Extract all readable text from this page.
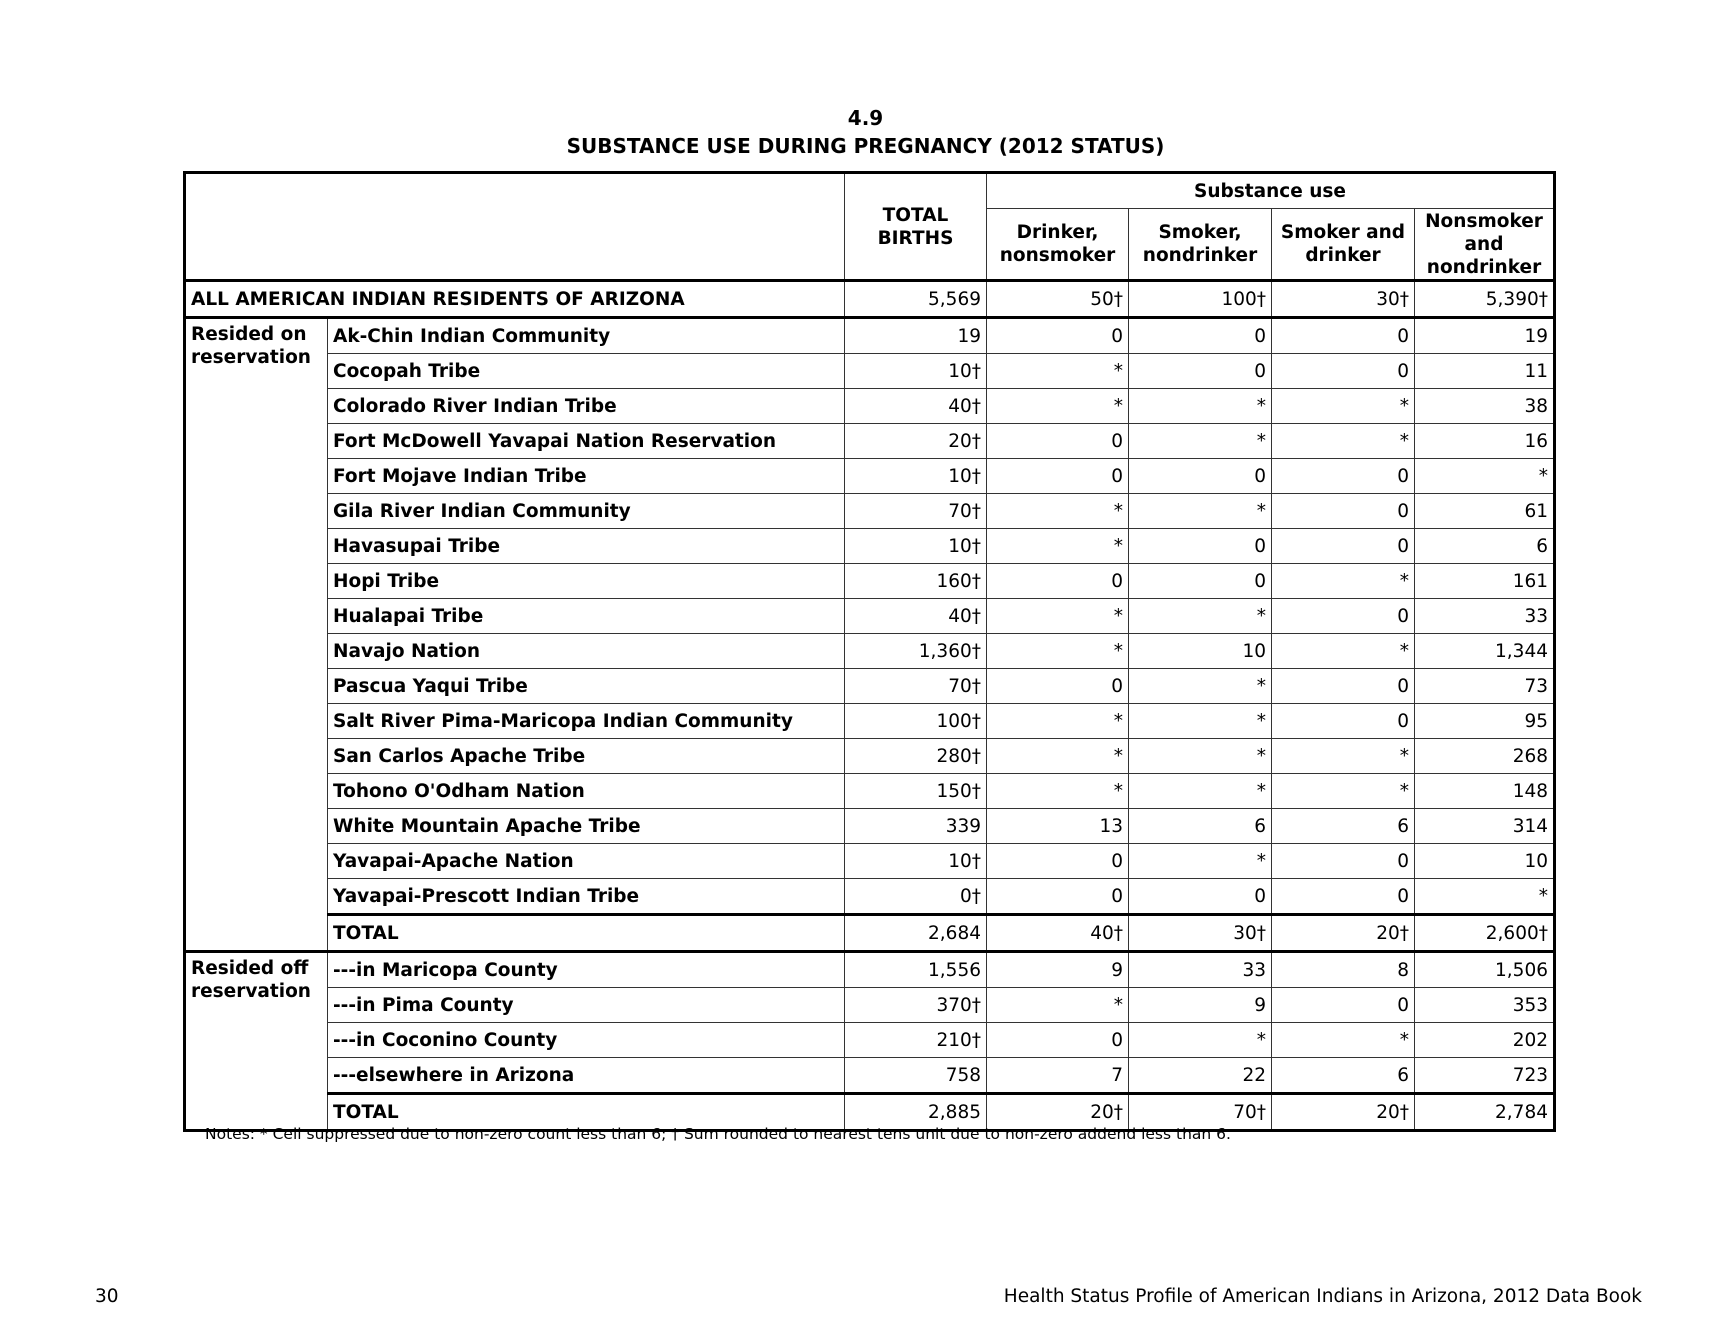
4.9
SUBSTANCE USE DURING PREGNANCY (2012 STATUS)
		TOTAL BIRTHS	Substance use			
			Drinker, nonsmoker	Smoker, nondrinker	Smoker and drinker	Nonsmoker and nondrinker
ALL AMERICAN INDIAN RESIDENTS OF ARIZONA		5,569	50†	100†	30†	5,390†
Resided on reservation	Ak-Chin Indian Community	19	0	0	0	19
	Cocopah Tribe	10†	*	0	0	11
	Colorado River Indian Tribe	40†	*	*	*	38
	Fort McDowell Yavapai Nation Reservation	20†	0	*	*	16
	Fort Mojave Indian Tribe	10†	0	0	0	*
	Gila River Indian Community	70†	*	*	0	61
	Havasupai Tribe	10†	*	0	0	6
	Hopi Tribe	160†	0	0	*	161
	Hualapai Tribe	40†	*	*	0	33
	Navajo Nation	1,360†	*	10	*	1,344
	Pascua Yaqui Tribe	70†	0	*	0	73
	Salt River Pima-Maricopa Indian Community	100†	*	*	0	95
	San Carlos Apache Tribe	280†	*	*	*	268
	Tohono O'Odham Nation	150†	*	*	*	148
	White Mountain Apache Tribe	339	13	6	6	314
	Yavapai-Apache Nation	10†	0	*	0	10
	Yavapai-Prescott Indian Tribe	0†	0	0	0	*
	TOTAL	2,684	40†	30†	20†	2,600†
Resided off reservation	---in Maricopa County	1,556	9	33	8	1,506
	---in Pima County	370†	*	9	0	353
	---in Coconino County	210†	0	*	*	202
	---elsewhere in Arizona	758	7	22	6	723
	TOTAL	2,885	20†	70†	20†	2,784
Notes: * Cell suppressed due to non-zero count less than 6; † Sum rounded to nearest tens unit due to non-zero addend less than 6.
30	Health Status Profile of American Indians in Arizona, 2012 Data Book
